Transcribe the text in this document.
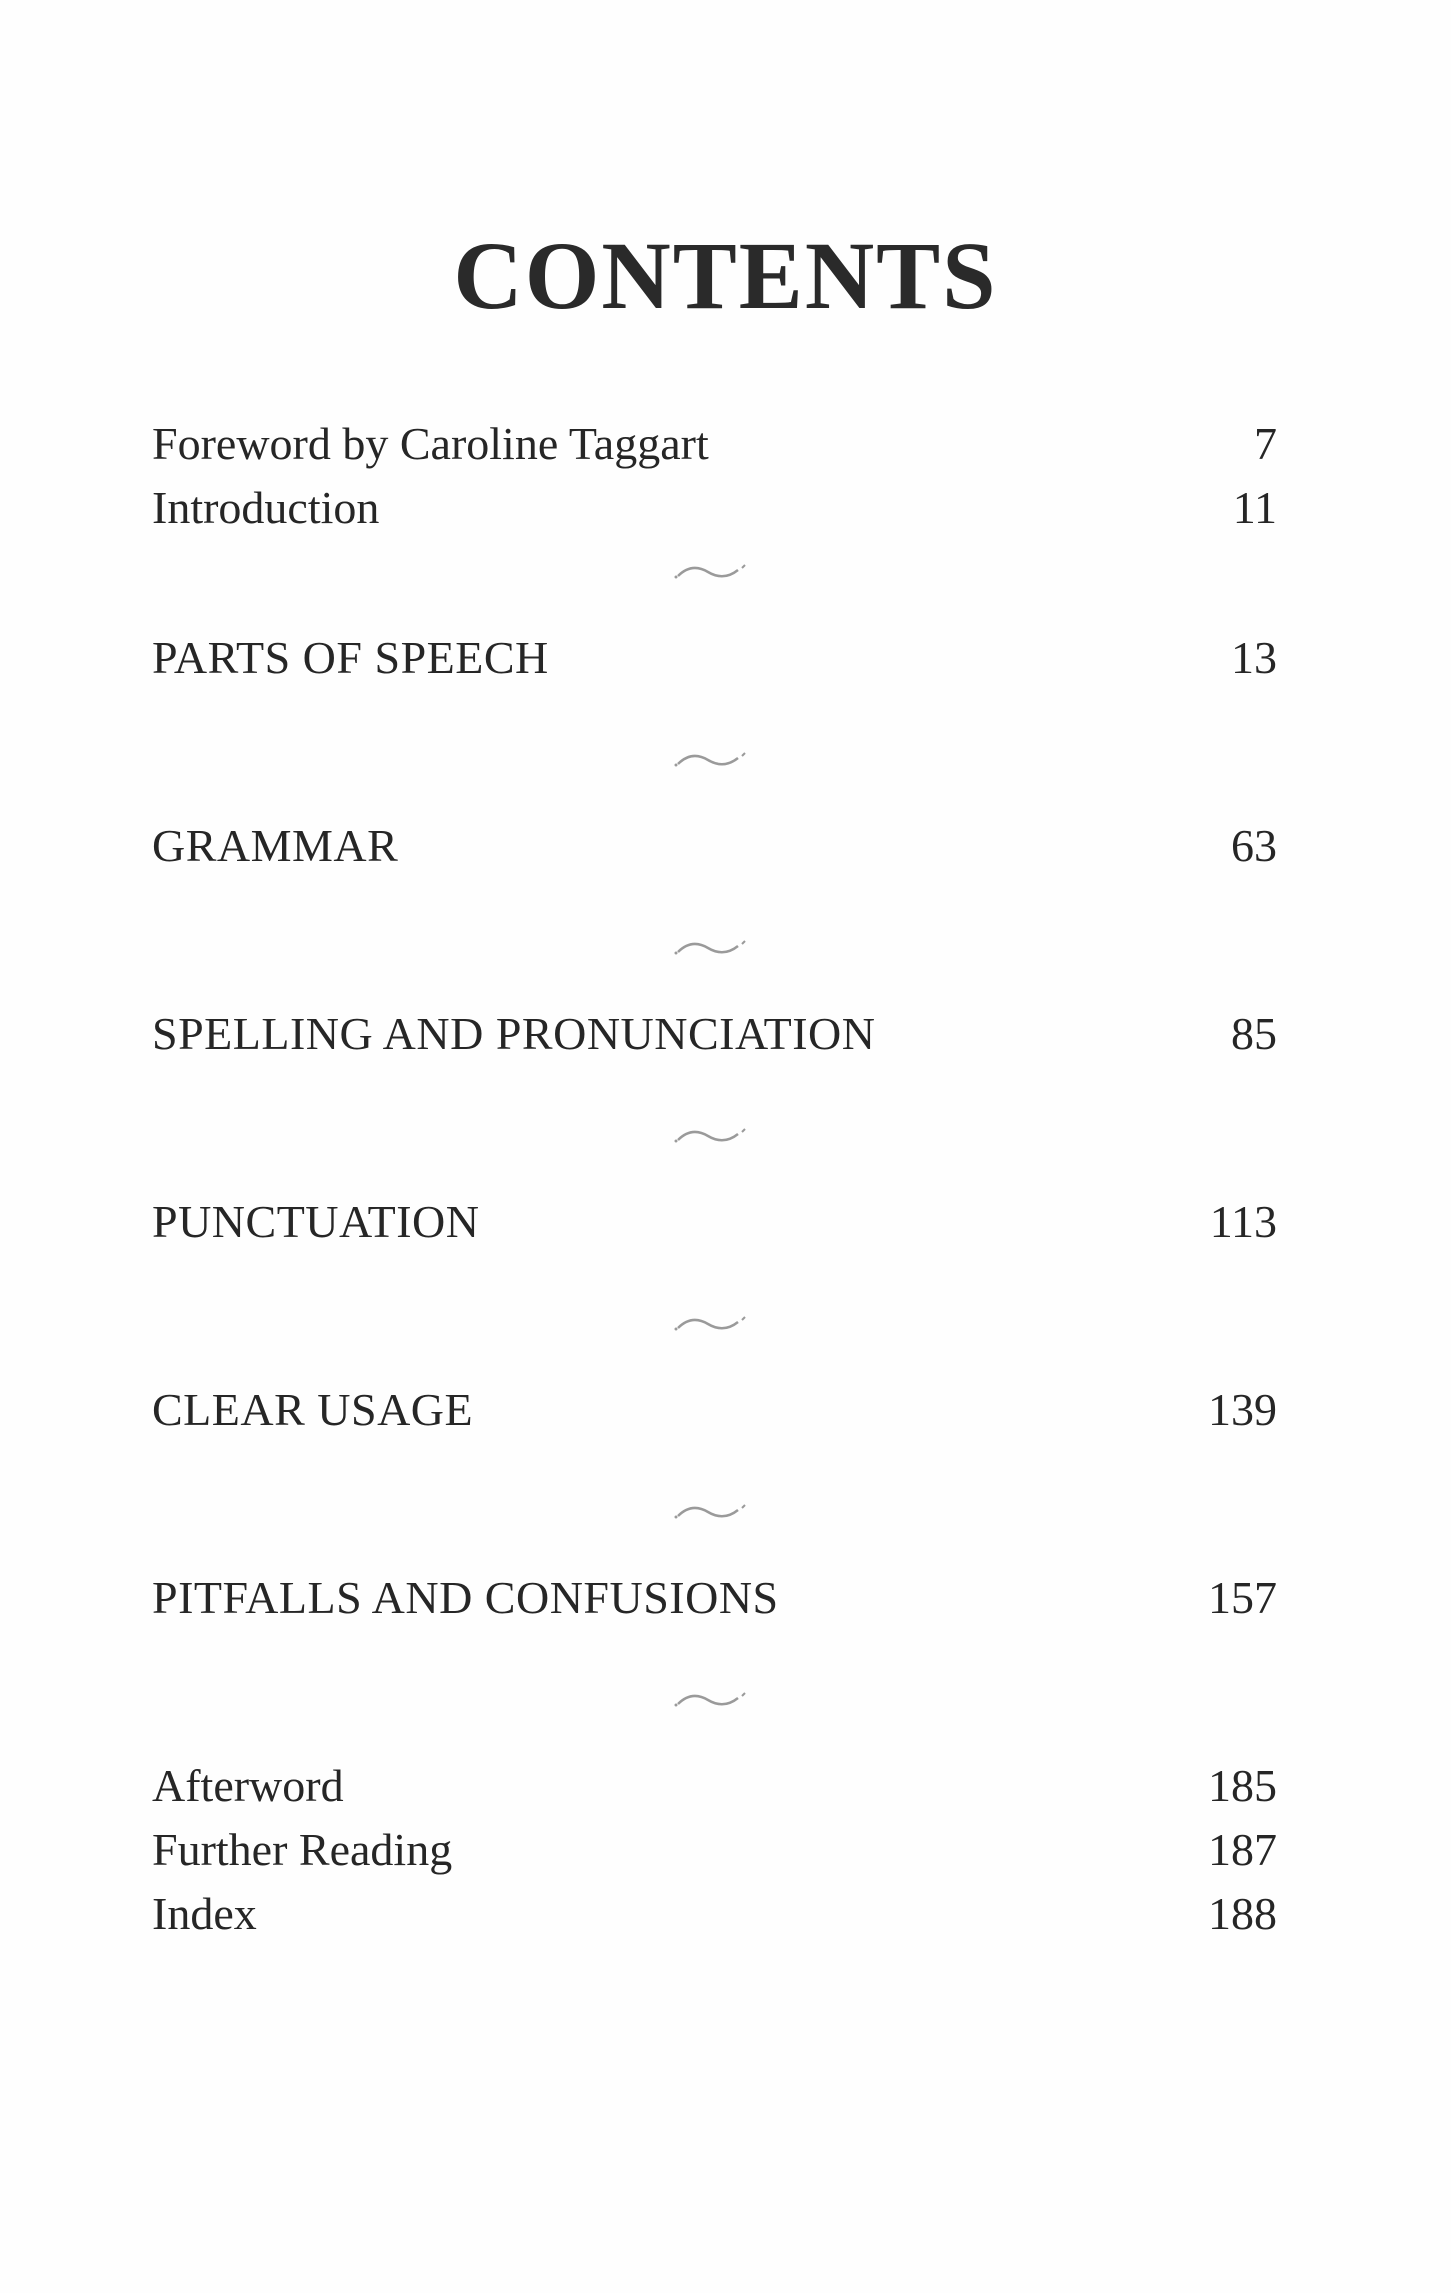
CONTENTS
Foreword by Caroline Taggart	7
Introduction	11
PARTS OF SPEECH	13
GRAMMAR	63
SPELLING AND PRONUNCIATION	85
PUNCTUATION	113
CLEAR USAGE	139
PITFALLS AND CONFUSIONS	157
Afterword	185
Further Reading	187
Index	188
